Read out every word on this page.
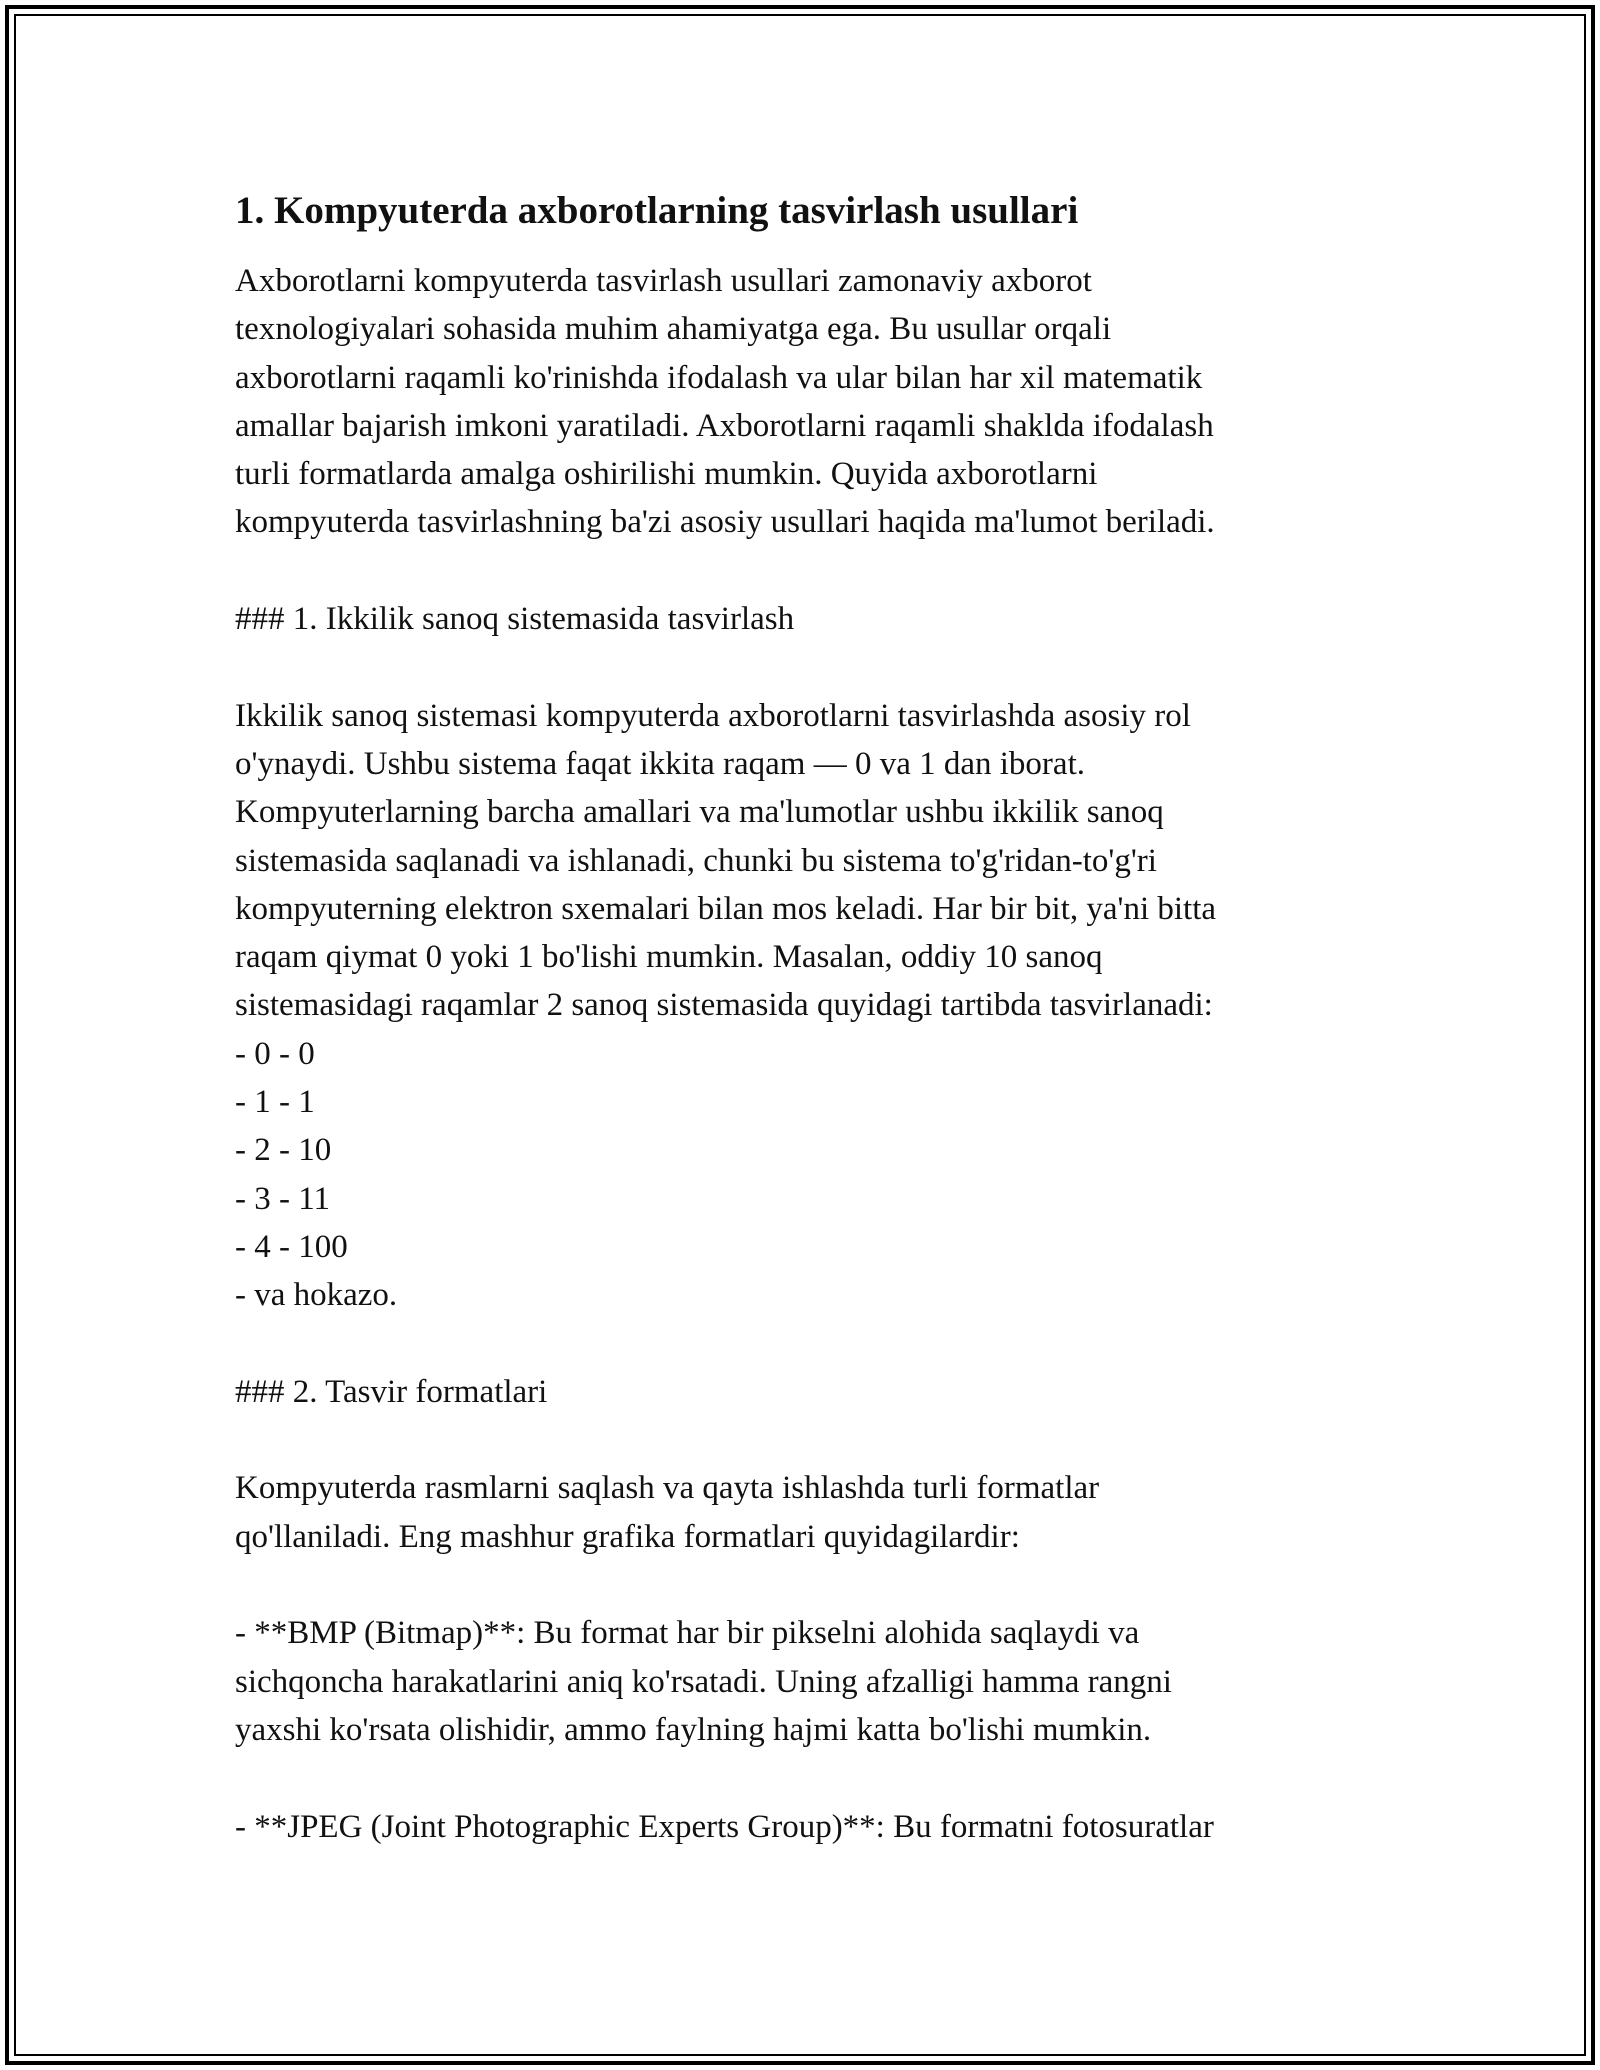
1. Kompyuterda axborotlarning tasvirlash usullari

Axborotlarni kompyuterda tasvirlash usullari zamonaviy axborot
texnologiyalari sohasida muhim ahamiyatga ega. Bu usullar orqali
axborotlarni raqamli ko'rinishda ifodalash va ular bilan har xil matematik
amallar bajarish imkoni yaratiladi. Axborotlarni raqamli shaklda ifodalash
turli formatlarda amalga oshirilishi mumkin. Quyida axborotlarni
kompyuterda tasvirlashning ba'zi asosiy usullari haqida ma'lumot beriladi.

### 1. Ikkilik sanoq sistemasida tasvirlash

Ikkilik sanoq sistemasi kompyuterda axborotlarni tasvirlashda asosiy rol
o'ynaydi. Ushbu sistema faqat ikkita raqam — 0 va 1 dan iborat.
Kompyuterlarning barcha amallari va ma'lumotlar ushbu ikkilik sanoq
sistemasida saqlanadi va ishlanadi, chunki bu sistema to'g'ridan-to'g'ri
kompyuterning elektron sxemalari bilan mos keladi. Har bir bit, ya'ni bitta
raqam qiymat 0 yoki 1 bo'lishi mumkin. Masalan, oddiy 10 sanoq
sistemasidagi raqamlar 2 sanoq sistemasida quyidagi tartibda tasvirlanadi:
- 0 - 0
- 1 - 1
- 2 - 10
- 3 - 11
- 4 - 100
- va hokazo.

### 2. Tasvir formatlari

Kompyuterda rasmlarni saqlash va qayta ishlashda turli formatlar
qo'llaniladi. Eng mashhur grafika formatlari quyidagilardir:

- **BMP (Bitmap)**: Bu format har bir pikselni alohida saqlaydi va
sichqoncha harakatlarini aniq ko'rsatadi. Uning afzalligi hamma rangni
yaxshi ko'rsata olishidir, ammo faylning hajmi katta bo'lishi mumkin.

- **JPEG (Joint Photographic Experts Group)**: Bu formatni fotosuratlar
